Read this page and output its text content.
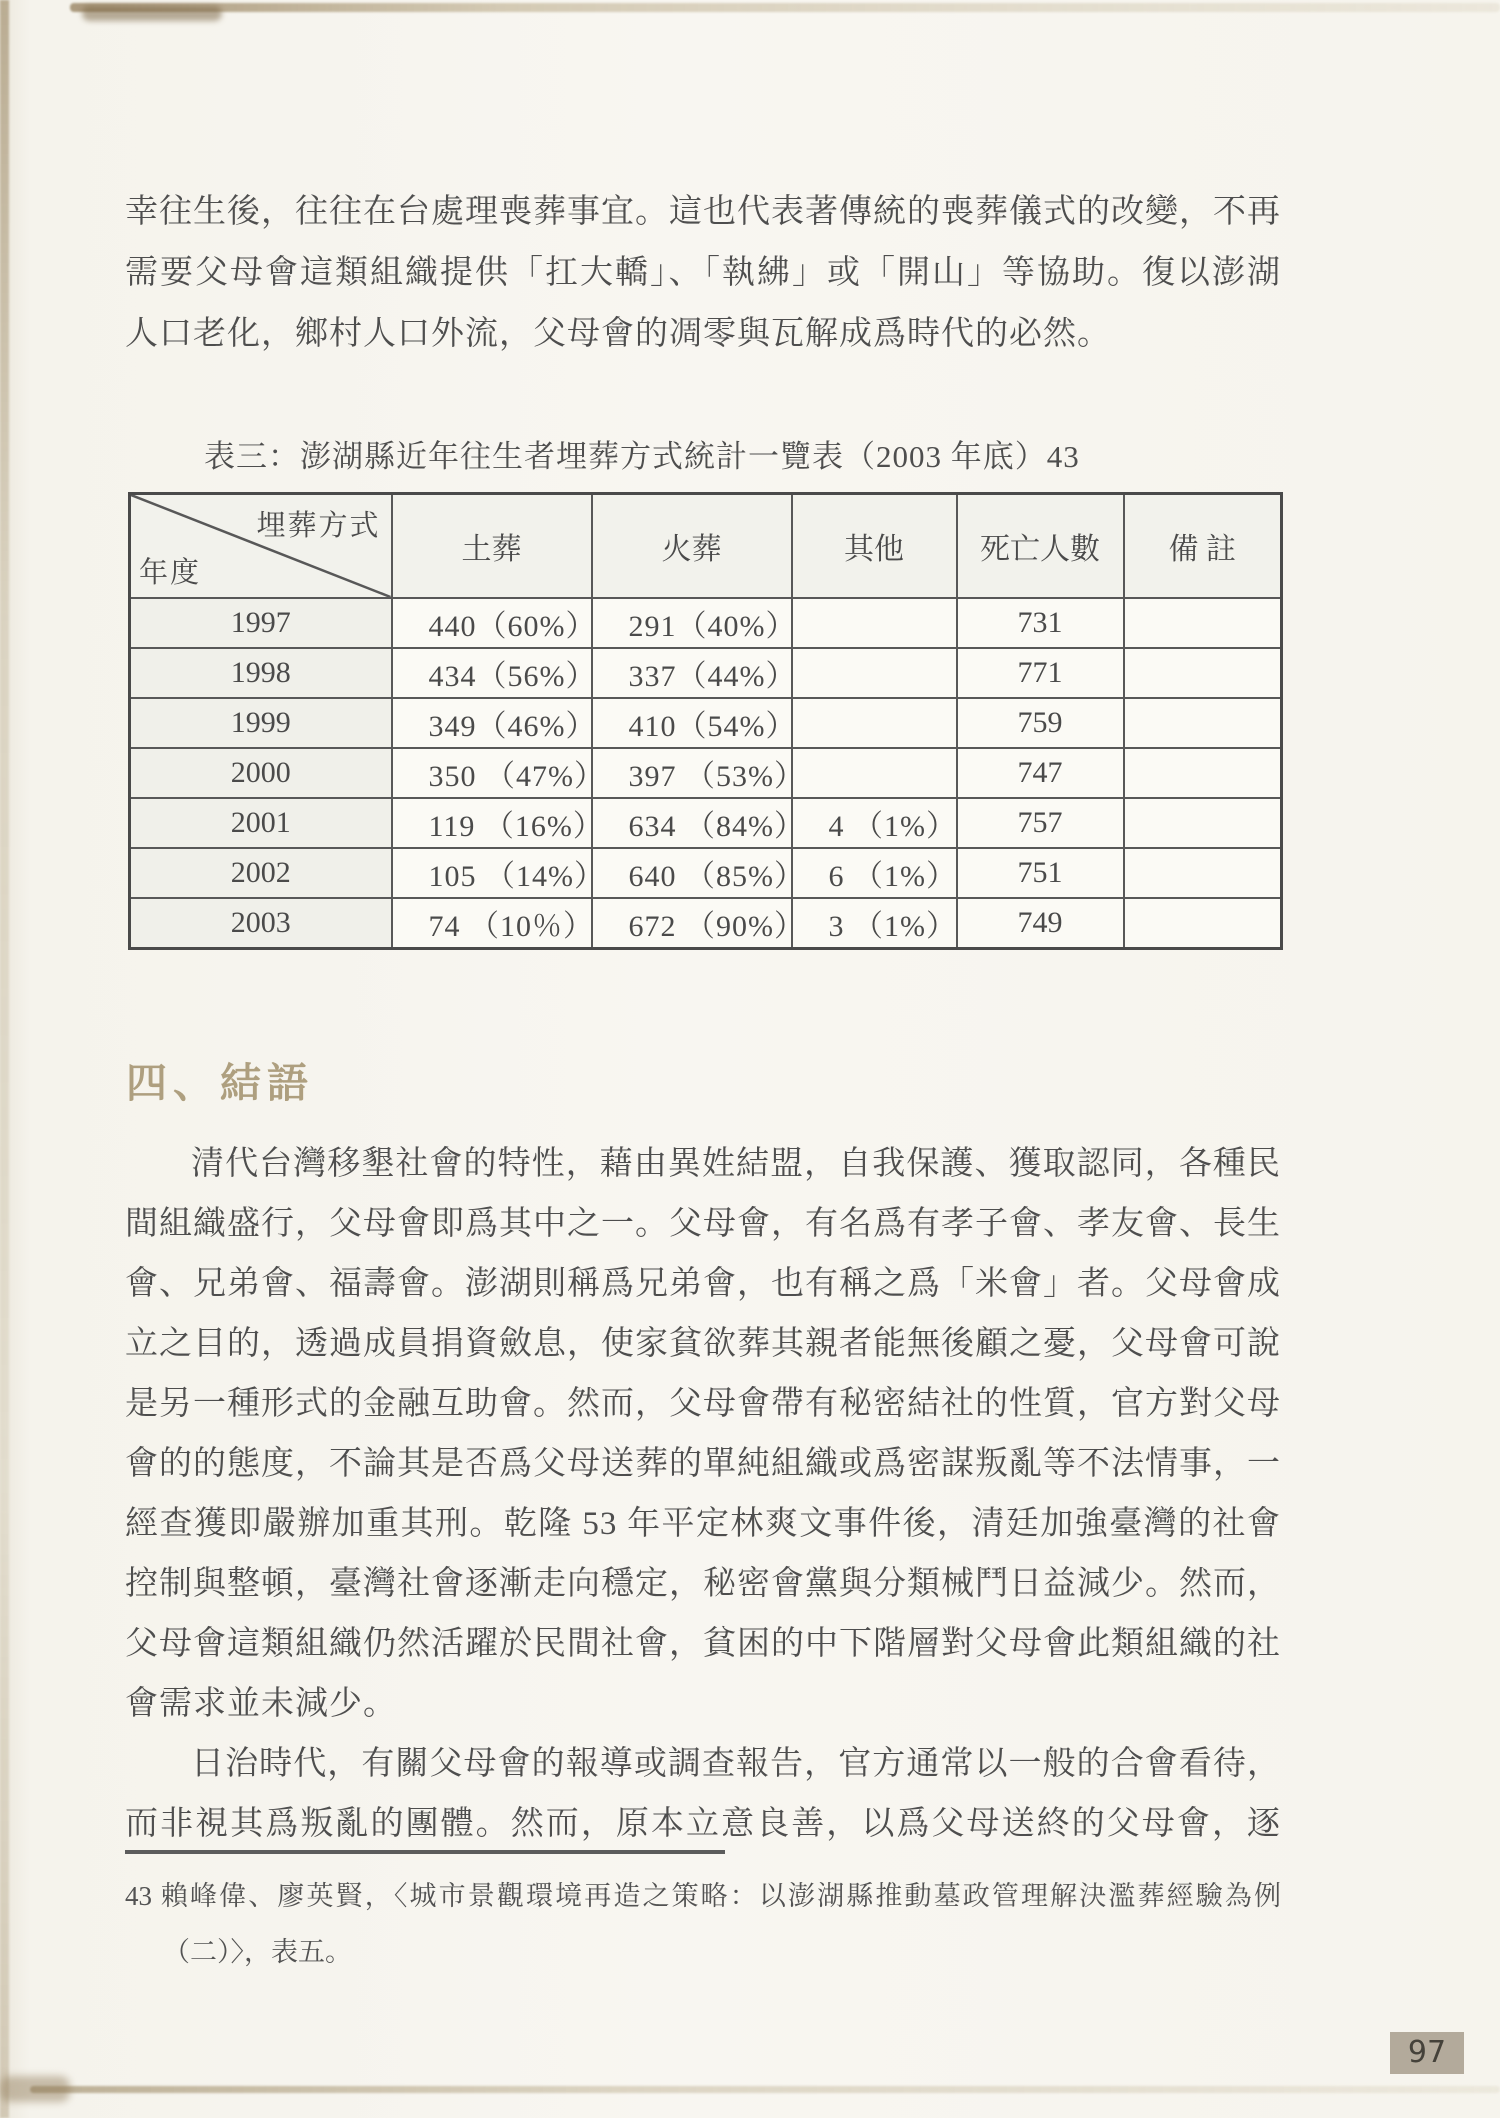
幸往生後，往往在台處理喪葬事宜。這也代表著傳統的喪葬儀式的改變，不再
需要父母會這類組織提供「扛大轎」、「執紼」或「開山」等協助。復以澎湖
人口老化，鄉村人口外流，父母會的凋零與瓦解成爲時代的必然。
表三：澎湖縣近年往生者埋葬方式統計一覽表（2003 年底）43
埋葬方式
年度	土葬	火葬	其他	死亡人數	備 註
1997	440（60%）	291（40%）		731	
1998	434（56%）	337（44%）		771	
1999	349（46%）	410（54%）		759	
2000	350 （47%）	397 （53%）		747	
2001	119 （16%）	634 （84%）	4 （1%）	757	
2002	105 （14%）	640 （85%）	6 （1%）	751	
2003	74 （10％）	672 （90%）	3 （1%）	749	
四、結語
清代台灣移墾社會的特性，藉由異姓結盟，自我保護、獲取認同，各種民
間組織盛行，父母會即爲其中之一。父母會，有名爲有孝子會、孝友會、長生
會、兄弟會、福壽會。澎湖則稱爲兄弟會，也有稱之爲「米會」者。父母會成
立之目的，透過成員捐資斂息，使家貧欲葬其親者能無後顧之憂，父母會可說
是另一種形式的金融互助會。然而，父母會帶有秘密結社的性質，官方對父母
會的的態度，不論其是否爲父母送葬的單純組織或爲密謀叛亂等不法情事，一
經查獲即嚴辦加重其刑。乾隆 53 年平定林爽文事件後，清廷加強臺灣的社會
控制與整頓，臺灣社會逐漸走向穩定，秘密會黨與分類械鬥日益減少。然而，
父母會這類組織仍然活躍於民間社會，貧困的中下階層對父母會此類組織的社
會需求並未減少。
日治時代，有關父母會的報導或調查報告，官方通常以一般的合會看待，
而非視其爲叛亂的團體。然而，原本立意良善，以爲父母送終的父母會，逐
43 賴峰偉、廖英賢，〈城市景觀環境再造之策略：以澎湖縣推動墓政管理解決濫葬經驗為例
（二）〉，表五。
97
